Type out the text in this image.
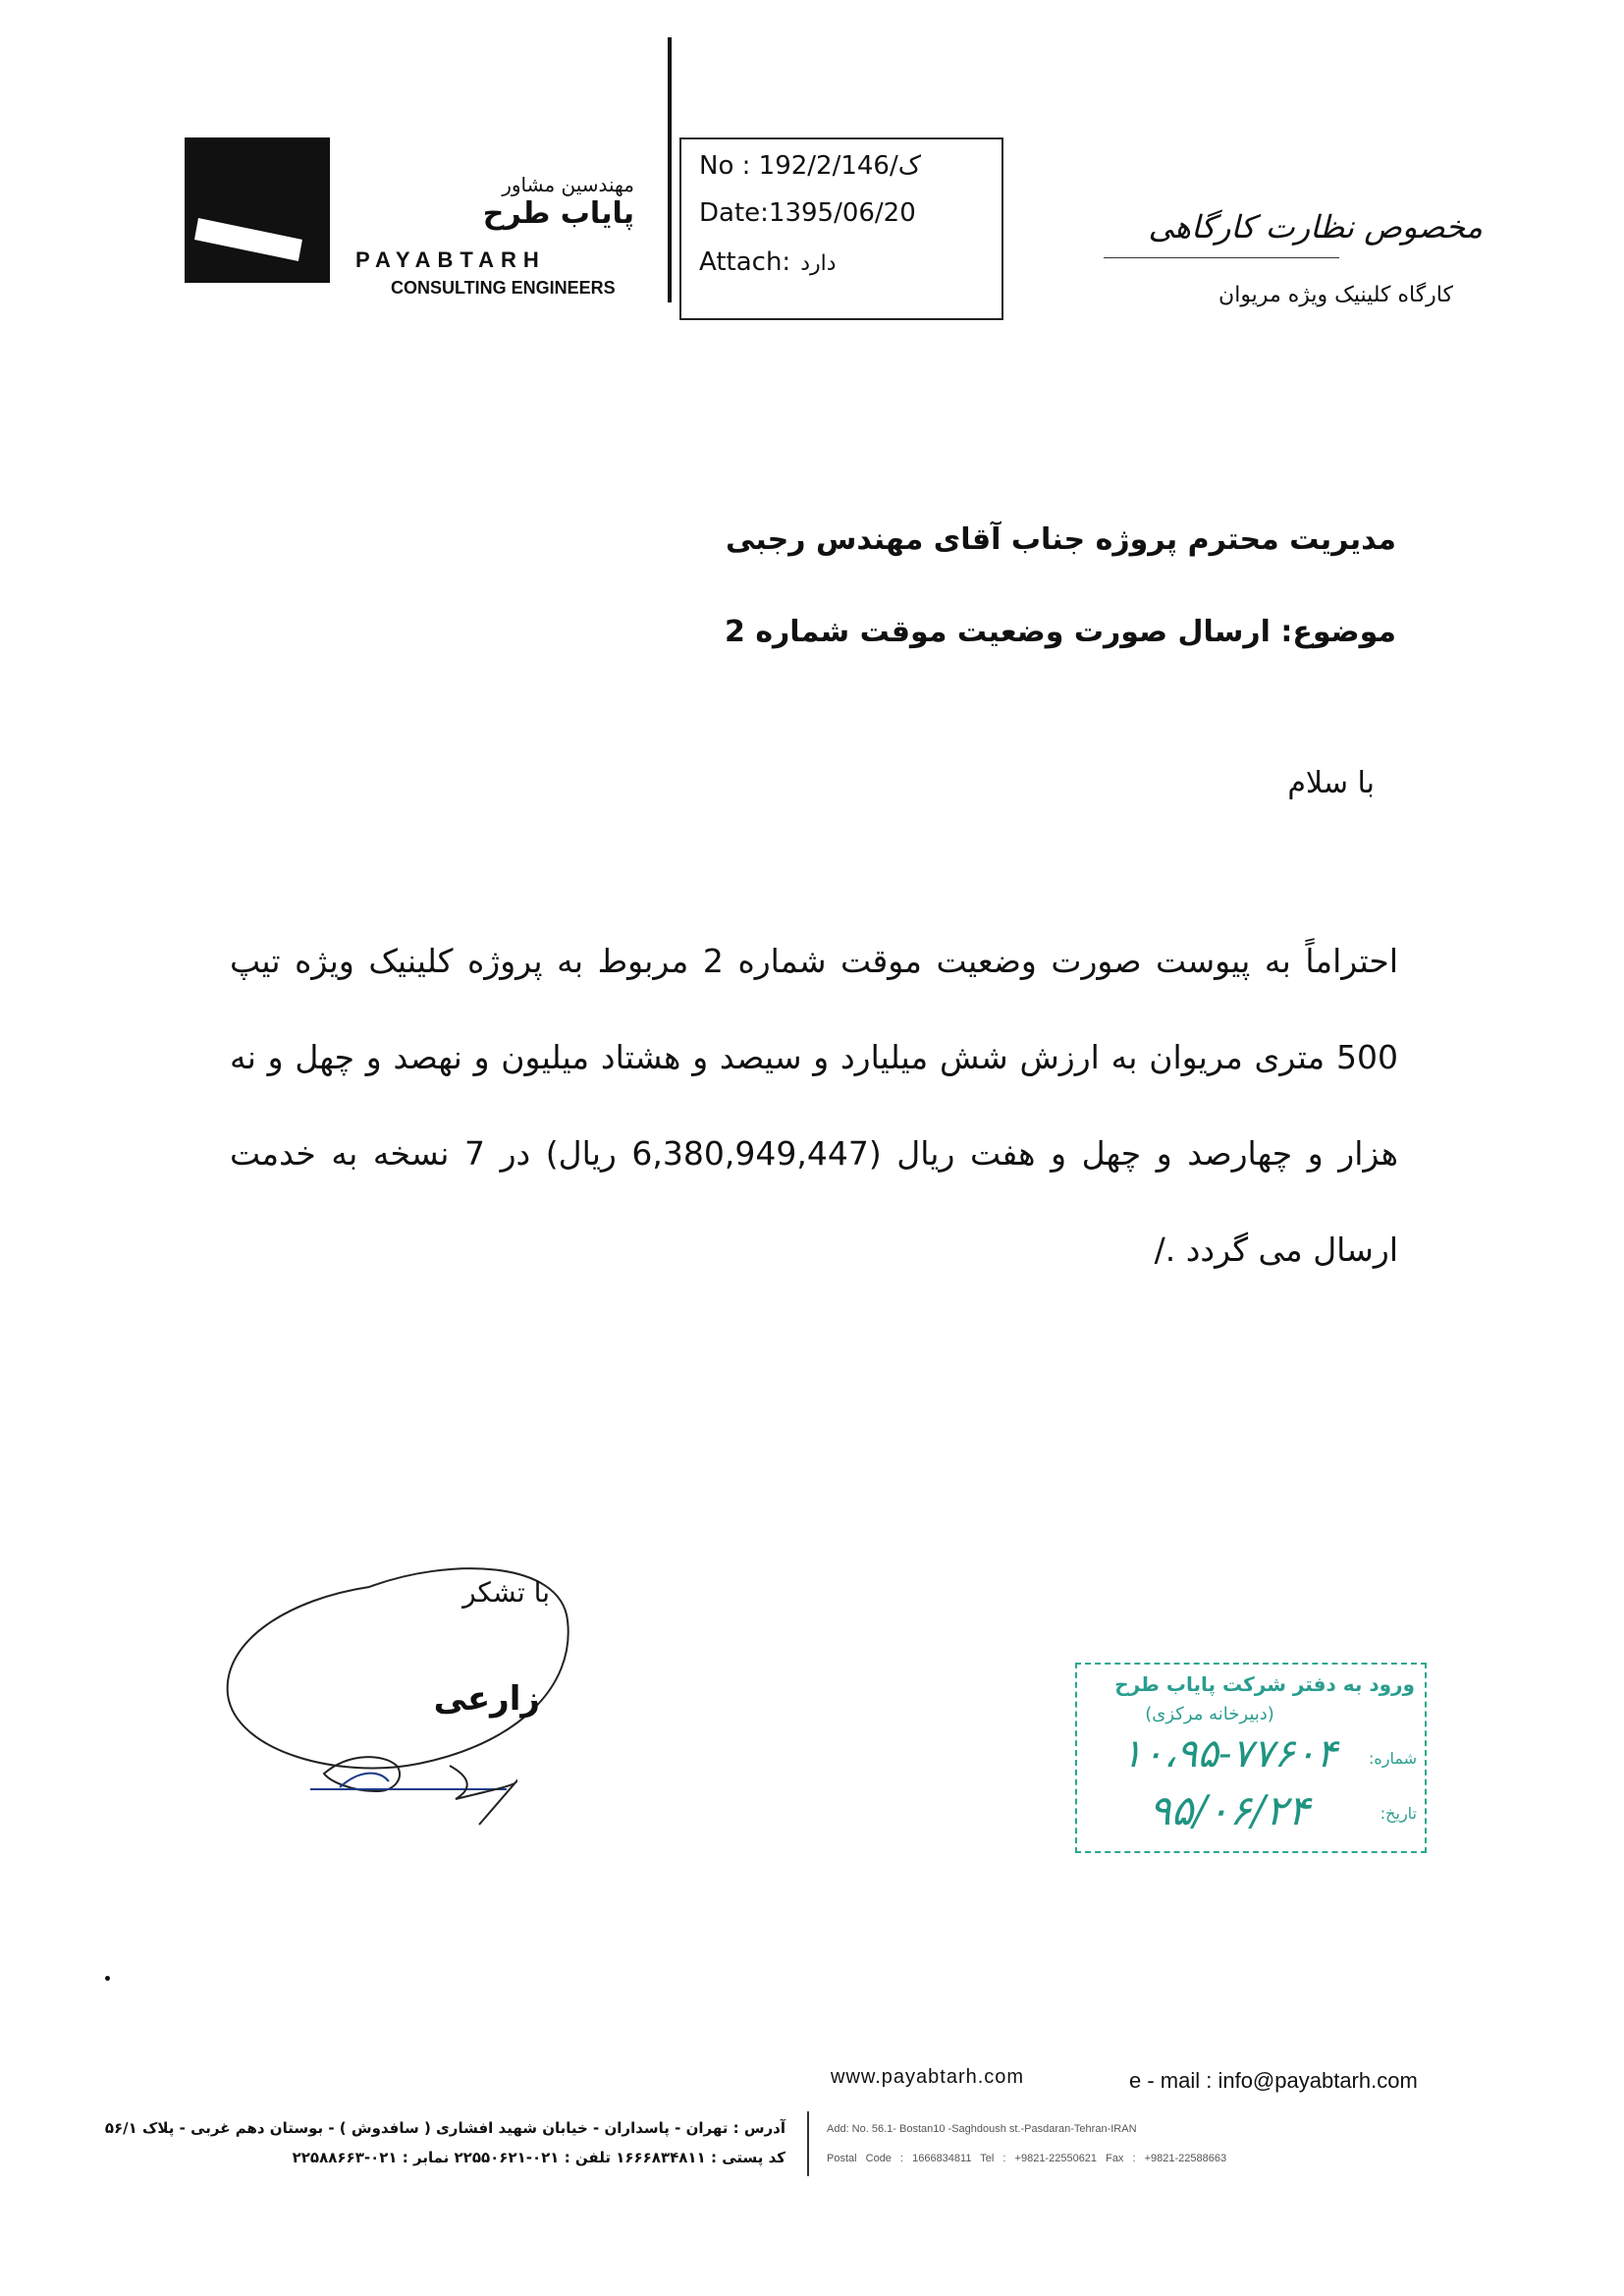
مهندسین مشاور
پایاب طرح
PAYABTARH
CONSULTING ENGINEERS
No : 192/2/ک/146
Date:1395/06/20
Attach: دارد
مخصوص نظارت کارگاهی
کارگاه کلینیک ویژه مریوان
مدیریت محترم پروژه جناب آقای مهندس رجبی
موضوع: ارسال صورت وضعیت موقت شماره 2
با سلام
احتراماً به پیوست صورت وضعیت موقت شماره 2 مربوط به پروژه کلینیک ویژه تیپ 500 متری مریوان به ارزش شش میلیارد و سیصد و هشتاد میلیون و نهصد و چهل و نه هزار و چهارصد و چهل و هفت ریال (6,380,949,447 ریال) در 7 نسخه به خدمت ارسال می گردد ./
با تشکر
زارعی	ورود به دفتر شرکت پایاب طرح
(دبیرخانه مرکزی)
شماره:
۱۰،۹۵-۷۷۶۰۴
تاریخ:
۹۵/۰۶/۲۴
www.payabtarh.com	e - mail : info@payabtarh.com
آدرس : تهران - پاسداران - خیابان شهید افشاری ( سافدوش ) - بوستان دهم غربی - پلاک ۵۶/۱
کد پستی : ۱۶۶۶۸۳۴۸۱۱ تلفن : ۰۲۱-۲۲۵۵۰۶۲۱ نمابر : ۰۲۱-۲۲۵۸۸۶۶۳
Add: No. 56.1- Bostan10 -Saghdoush st.-Pasdaran-Tehran-IRAN
Postal Code : 1666834811 Tel : +9821-22550621 Fax : +9821-22588663
